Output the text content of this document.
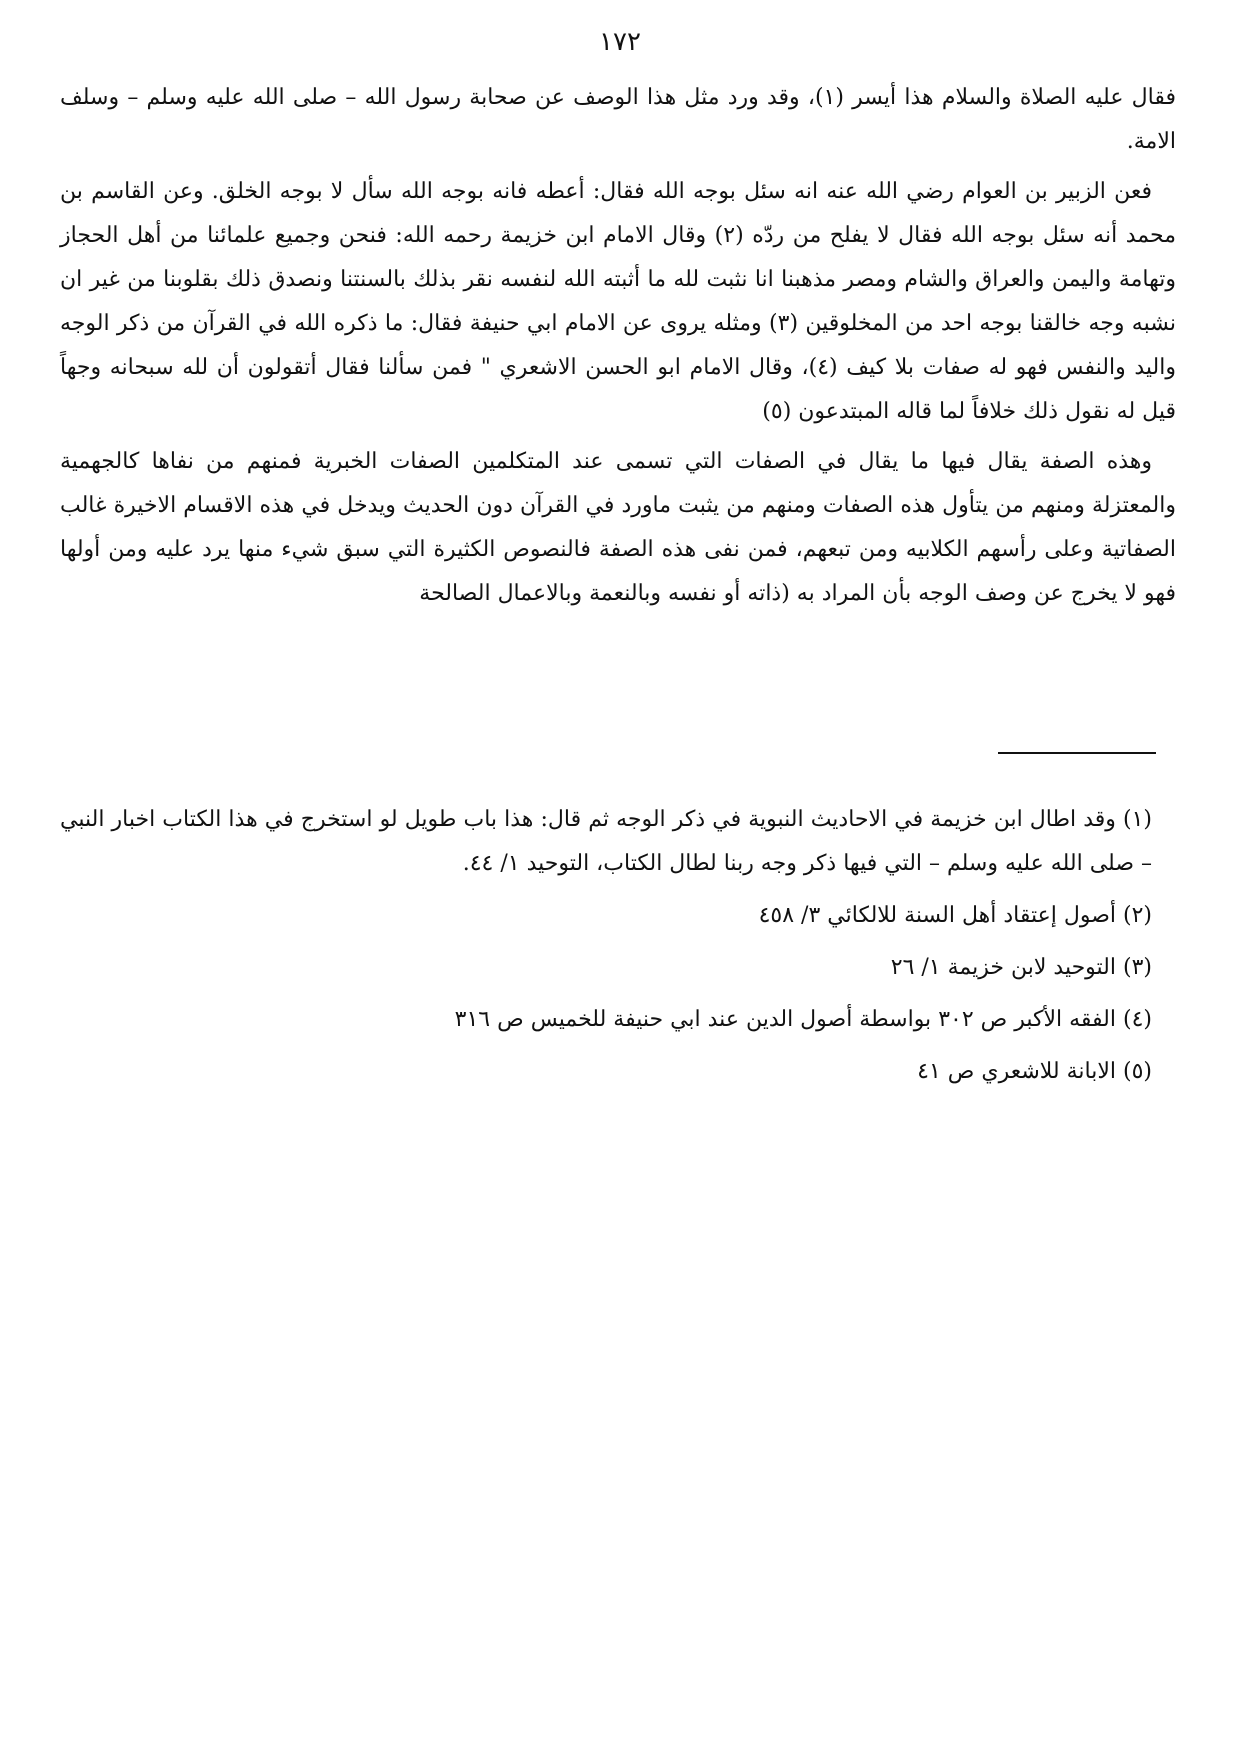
١٧٢

فقال عليه الصلاة والسلام هذا أيسر (١)، وقد ورد مثل هذا الوصف عن صحابة رسول الله – صلى الله عليه وسلم – وسلف الامة.

فعن الزبير بن العوام رضي الله عنه انه سئل بوجه الله فقال: أعطه فانه بوجه الله سأل لا بوجه الخلق. وعن القاسم بن محمد أنه سئل بوجه الله فقال لا يفلح من ردّه (٢) وقال الامام ابن خزيمة رحمه الله: فنحن وجميع علمائنا من أهل الحجاز وتهامة واليمن والعراق والشام ومصر مذهبنا انا نثبت لله ما أثبته الله لنفسه نقر بذلك بالسنتنا ونصدق ذلك بقلوبنا من غير ان نشبه وجه خالقنا بوجه احد من المخلوقين (٣) ومثله يروى عن الامام ابي حنيفة فقال: ما ذكره الله في القرآن من ذكر الوجه واليد والنفس فهو له صفات بلا كيف (٤)، وقال الامام ابو الحسن الاشعري " فمن سألنا فقال أتقولون أن لله سبحانه وجهاً قيل له نقول ذلك خلافاً لما قاله المبتدعون (٥)

وهذه الصفة يقال فيها ما يقال في الصفات التي تسمى عند المتكلمين الصفات الخبرية فمنهم من نفاها كالجهمية والمعتزلة ومنهم من يتأول هذه الصفات ومنهم من يثبت ماورد في القرآن دون الحديث ويدخل في هذه الاقسام الاخيرة غالب الصفاتية وعلى رأسهم الكلابيه ومن تبعهم، فمن نفى هذه الصفة فالنصوص الكثيرة التي سبق شيء منها يرد عليه ومن أولها فهو لا يخرج عن وصف الوجه بأن المراد به (ذاته أو نفسه وبالنعمة وبالاعمال الصالحة

(١) وقد اطال ابن خزيمة في الاحاديث النبوية في ذكر الوجه ثم قال: هذا باب طويل لو استخرج في هذا الكتاب اخبار النبي – صلى الله عليه وسلم – التي فيها ذكر وجه ربنا لطال الكتاب، التوحيد ١/ ٤٤.

(٢) أصول إعتقاد أهل السنة للالكائي ٣/ ٤٥٨

(٣) التوحيد لابن خزيمة ١/ ٢٦

(٤) الفقه الأكبر ص ٣٠٢ بواسطة أصول الدين عند ابي حنيفة للخميس ص ٣١٦

(٥) الابانة للاشعري ص ٤١
